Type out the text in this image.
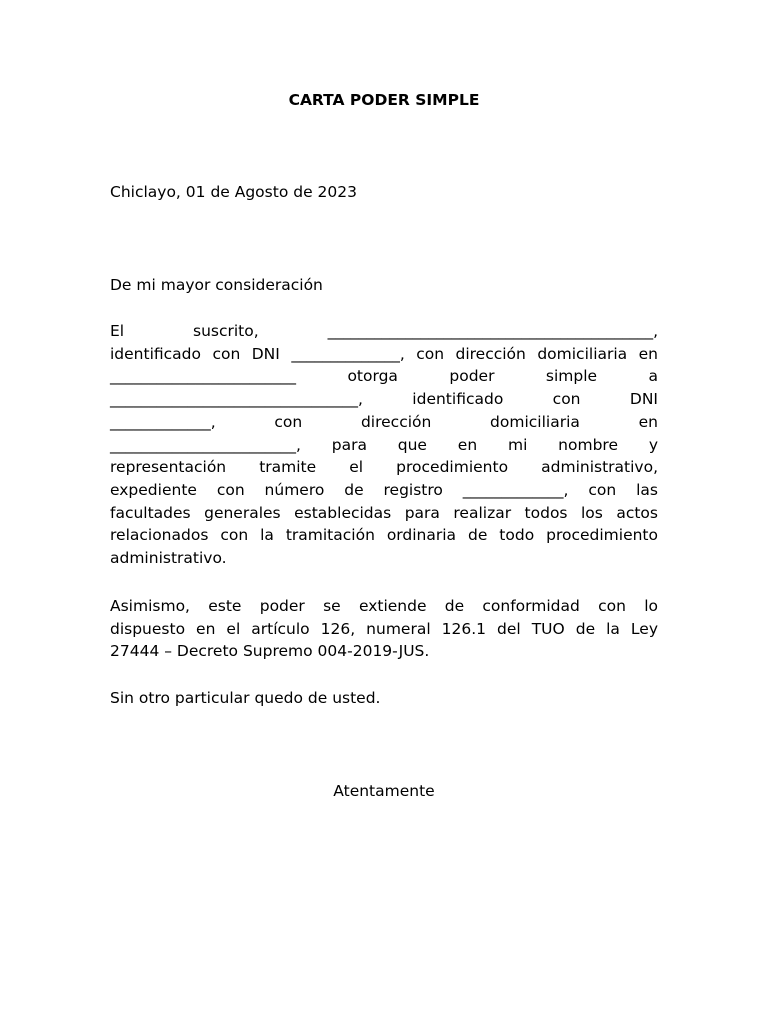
CARTA PODER SIMPLE

Chiclayo, 01 de Agosto de 2023

De mi mayor consideración

El suscrito, __________________________________________,
identificado con DNI ______________, con dirección domiciliaria en
________________________ otorga poder simple a
________________________________, identificado con DNI
_____________, con dirección domiciliaria en
________________________, para que en mi nombre y
representación tramite el procedimiento administrativo,
expediente con número de registro _____________, con las
facultades generales establecidas para realizar todos los actos
relacionados con la tramitación ordinaria de todo procedimiento
administrativo.
Asimismo, este poder se extiende de conformidad con lo
dispuesto en el artículo 126, numeral 126.1 del TUO de la Ley
27444 – Decreto Supremo 004-2019-JUS.

Sin otro particular quedo de usted.

Atentamente
